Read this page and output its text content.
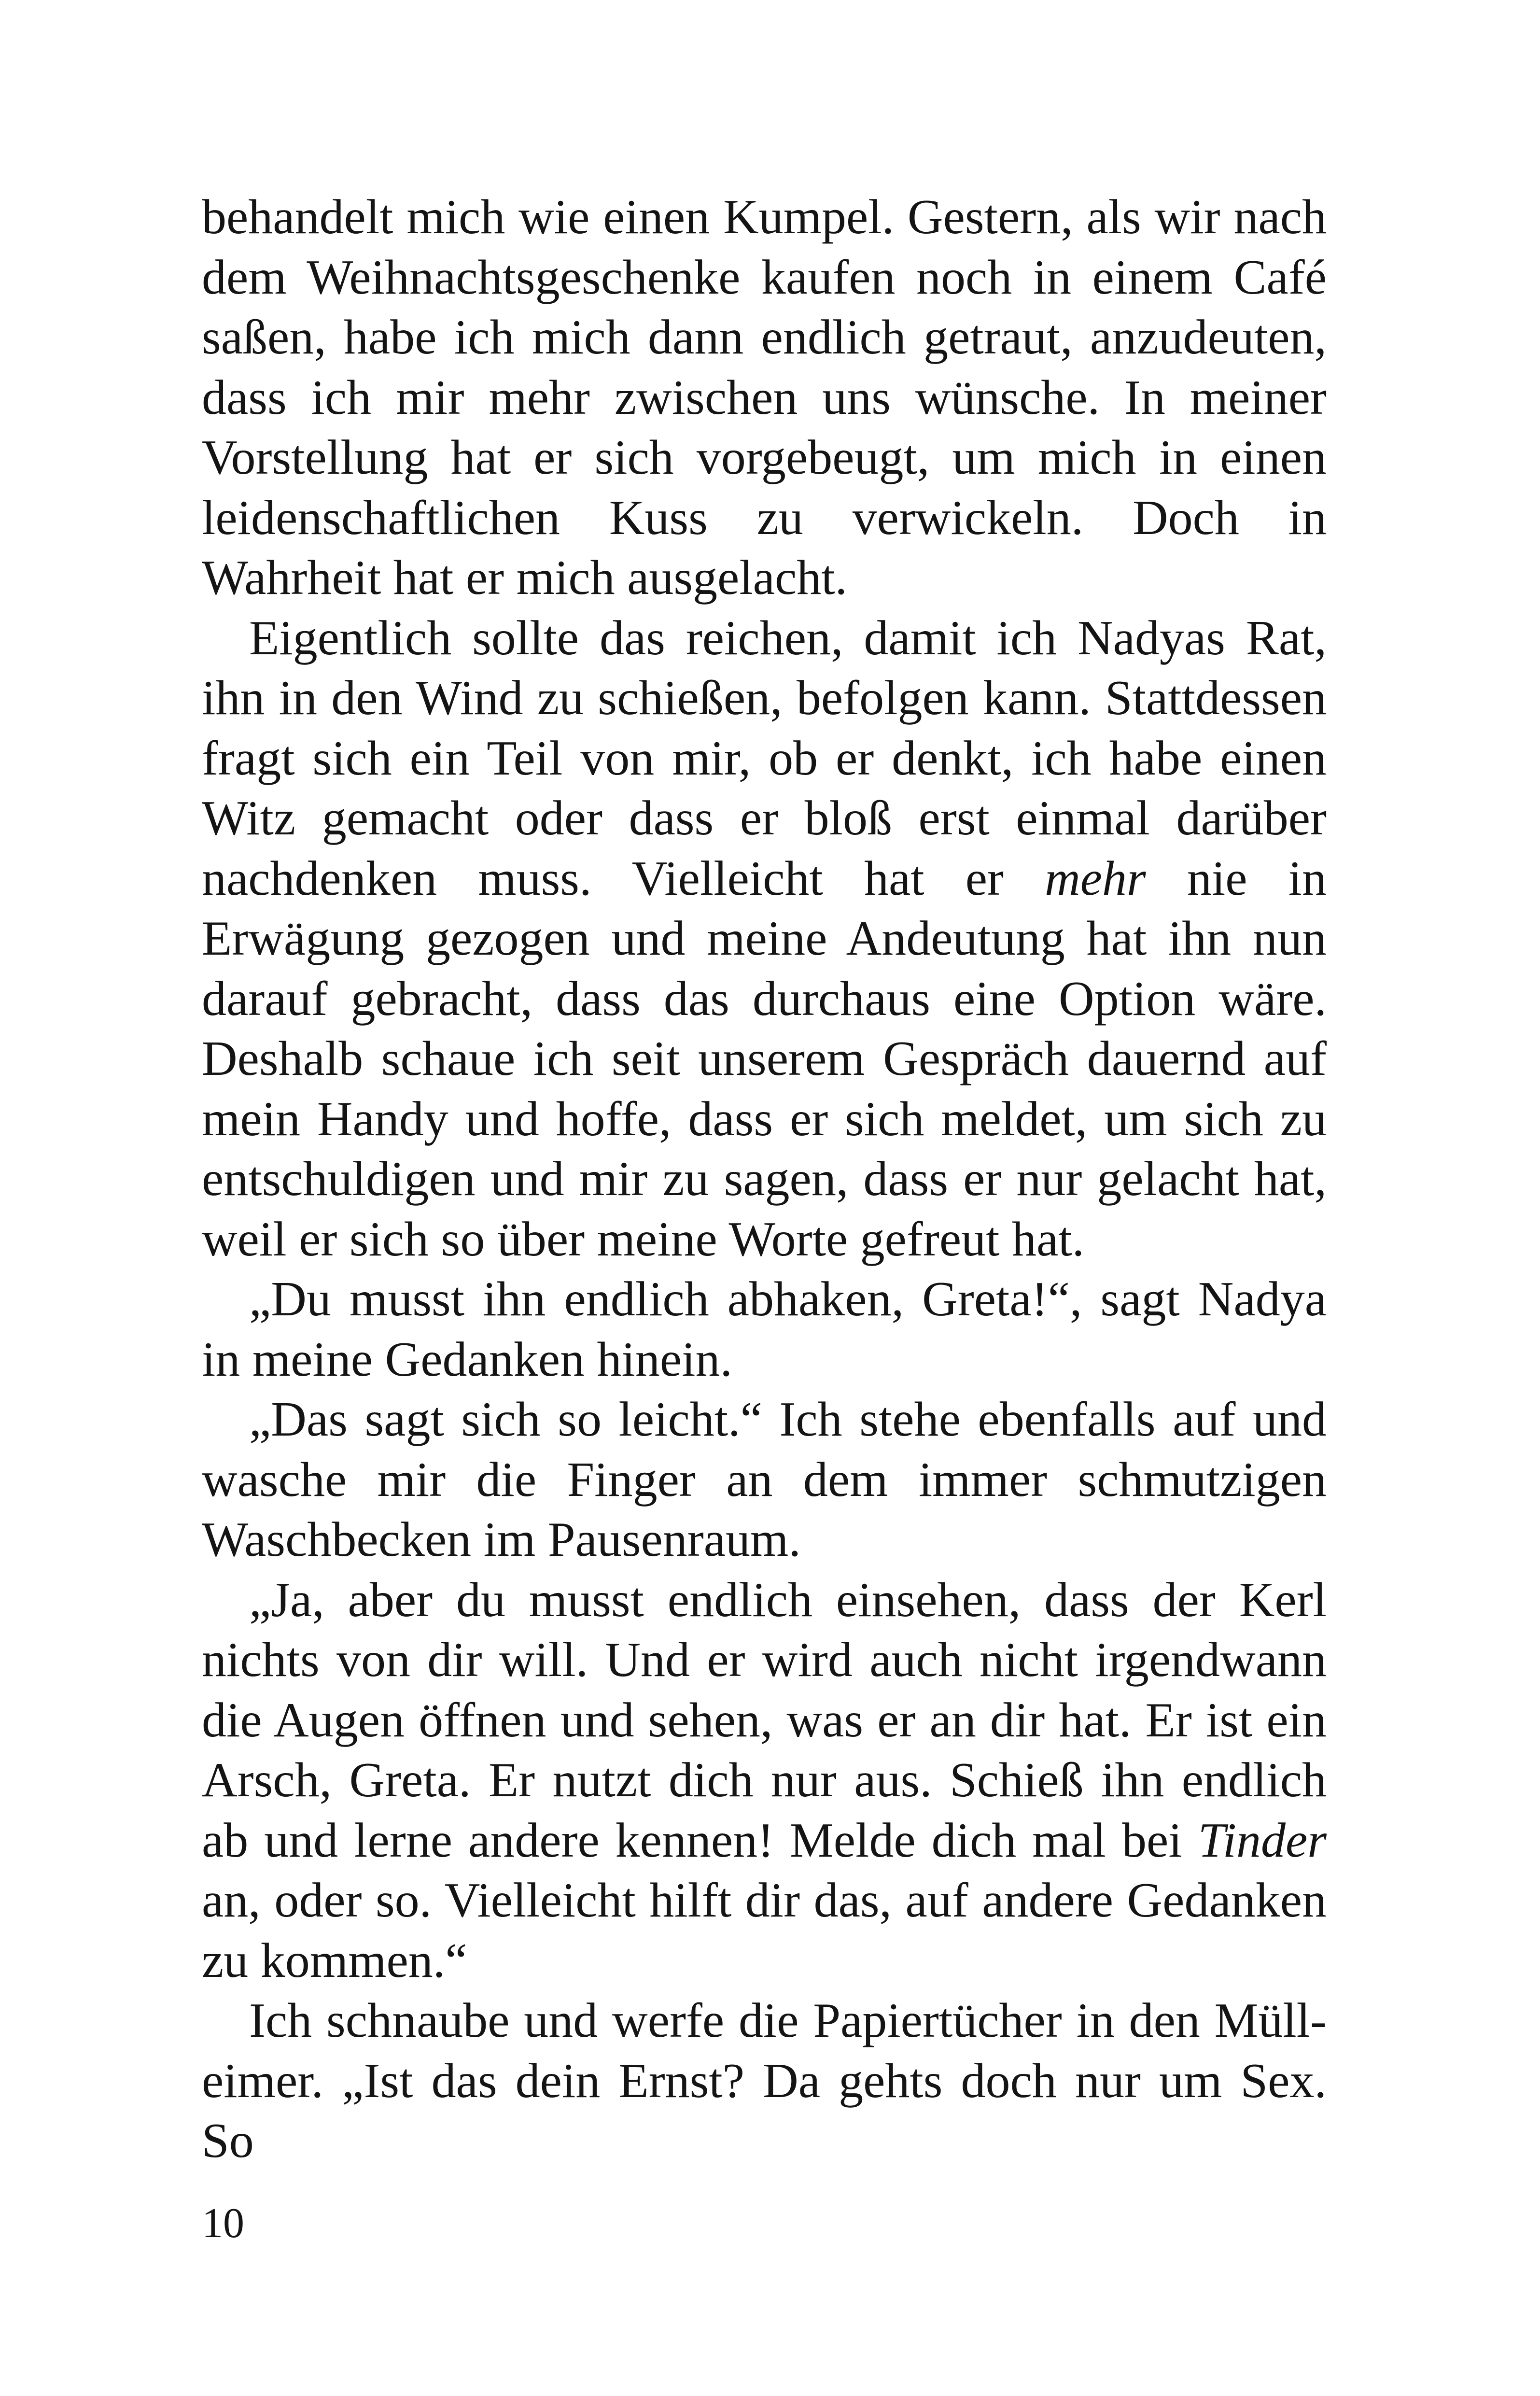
behandelt mich wie einen Kumpel. Gestern, als wir nach dem Weihnachtsgeschenke kaufen noch in einem Café saßen, habe ich mich dann endlich getraut, anzudeuten, dass ich mir mehr zwischen uns wünsche. In meiner Vorstellung hat er sich vorgebeugt, um mich in einen leidenschaftlichen Kuss zu verwickeln. Doch in Wahrheit hat er mich ausgelacht.

Eigentlich sollte das reichen, damit ich Nadyas Rat, ihn in den Wind zu schießen, befolgen kann. Stattdessen fragt sich ein Teil von mir, ob er denkt, ich habe einen Witz gemacht oder dass er bloß erst einmal darüber nachdenken muss. Vielleicht hat er mehr nie in Erwägung gezogen und meine Andeutung hat ihn nun darauf gebracht, dass das durchaus eine Option wäre. Deshalb schaue ich seit unserem Gespräch dauernd auf mein Handy und hoffe, dass er sich meldet, um sich zu entschuldigen und mir zu sagen, dass er nur gelacht hat, weil er sich so über meine Worte gefreut hat.

„Du musst ihn endlich abhaken, Greta!“, sagt Nadya in meine Gedanken hinein.

„Das sagt sich so leicht.“ Ich stehe ebenfalls auf und wasche mir die Finger an dem immer schmutzigen Waschbecken im Pausenraum.

„Ja, aber du musst endlich einsehen, dass der Kerl nichts von dir will. Und er wird auch nicht irgendwann die Augen öffnen und sehen, was er an dir hat. Er ist ein Arsch, Greta. Er nutzt dich nur aus. Schieß ihn endlich ab und lerne andere kennen! Melde dich mal bei Tinder an, oder so. Vielleicht hilft dir das, auf andere Gedanken zu kommen.“

Ich schnaube und werfe die Papiertücher in den Mülleimer. „Ist das dein Ernst? Da gehts doch nur um Sex. So

10
